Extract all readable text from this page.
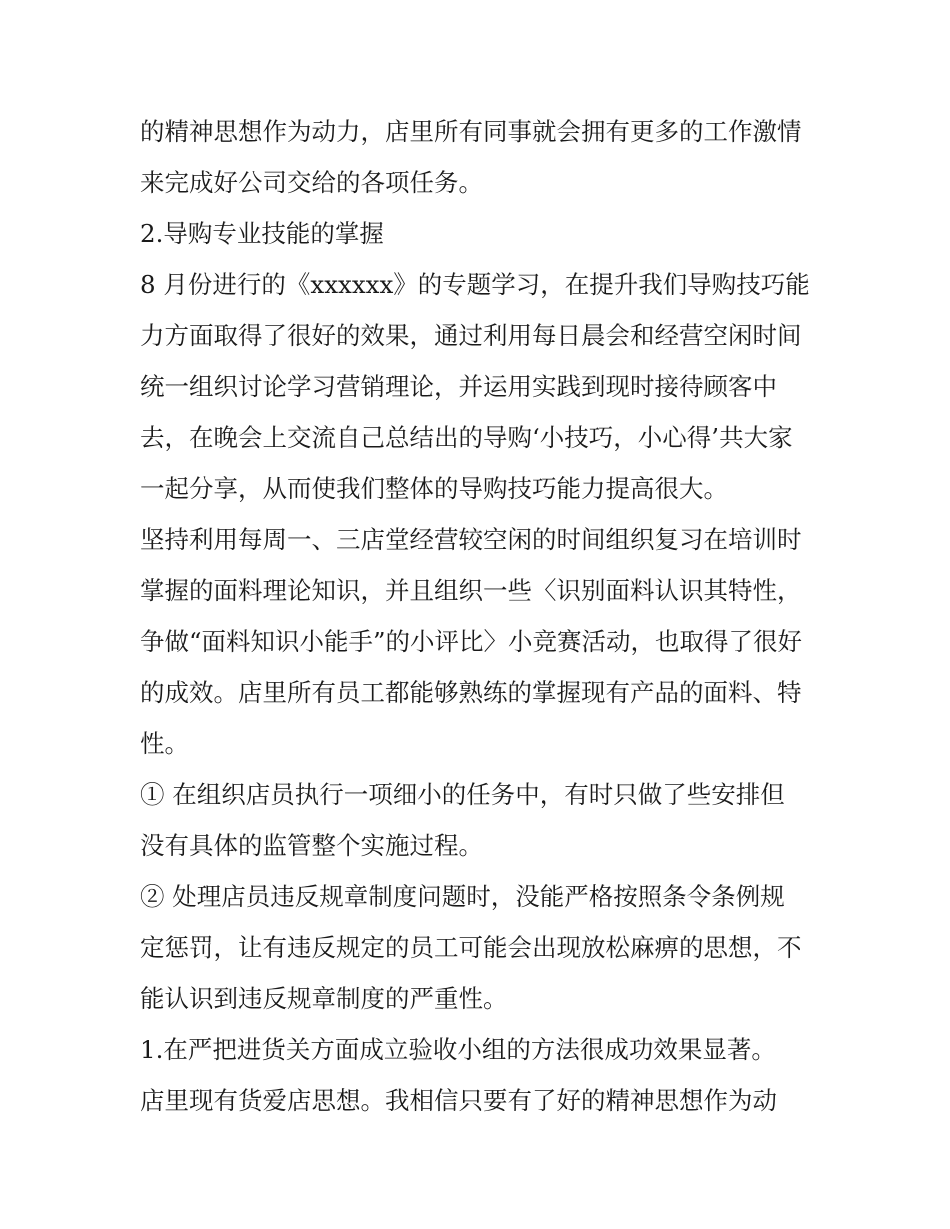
的精神思想作为动力，店里所有同事就会拥有更多的工作激情
来完成好公司交给的各项任务。
2.导购专业技能的掌握
8 月份进行的《xxxxxx》的专题学习，在提升我们导购技巧能
力方面取得了很好的效果，通过利用每日晨会和经营空闲时间
统一组织讨论学习营销理论，并运用实践到现时接待顾客中
去，在晚会上交流自己总结出的导购‘小技巧，小心得’共大家
一起分享，从而使我们整体的导购技巧能力提高很大。
坚持利用每周一、三店堂经营较空闲的时间组织复习在培训时
掌握的面料理论知识，并且组织一些〈识别面料认识其特性，
争做“面料知识小能手”的小评比〉小竞赛活动，也取得了很好
的成效。店里所有员工都能够熟练的掌握现有产品的面料、特
性。
① 在组织店员执行一项细小的任务中，有时只做了些安排但
没有具体的监管整个实施过程。
② 处理店员违反规章制度问题时，没能严格按照条令条例规
定惩罚，让有违反规定的员工可能会出现放松麻痹的思想，不
能认识到违反规章制度的严重性。
1.在严把进货关方面成立验收小组的方法很成功效果显著。
店里现有货爱店思想。我相信只要有了好的精神思想作为动
